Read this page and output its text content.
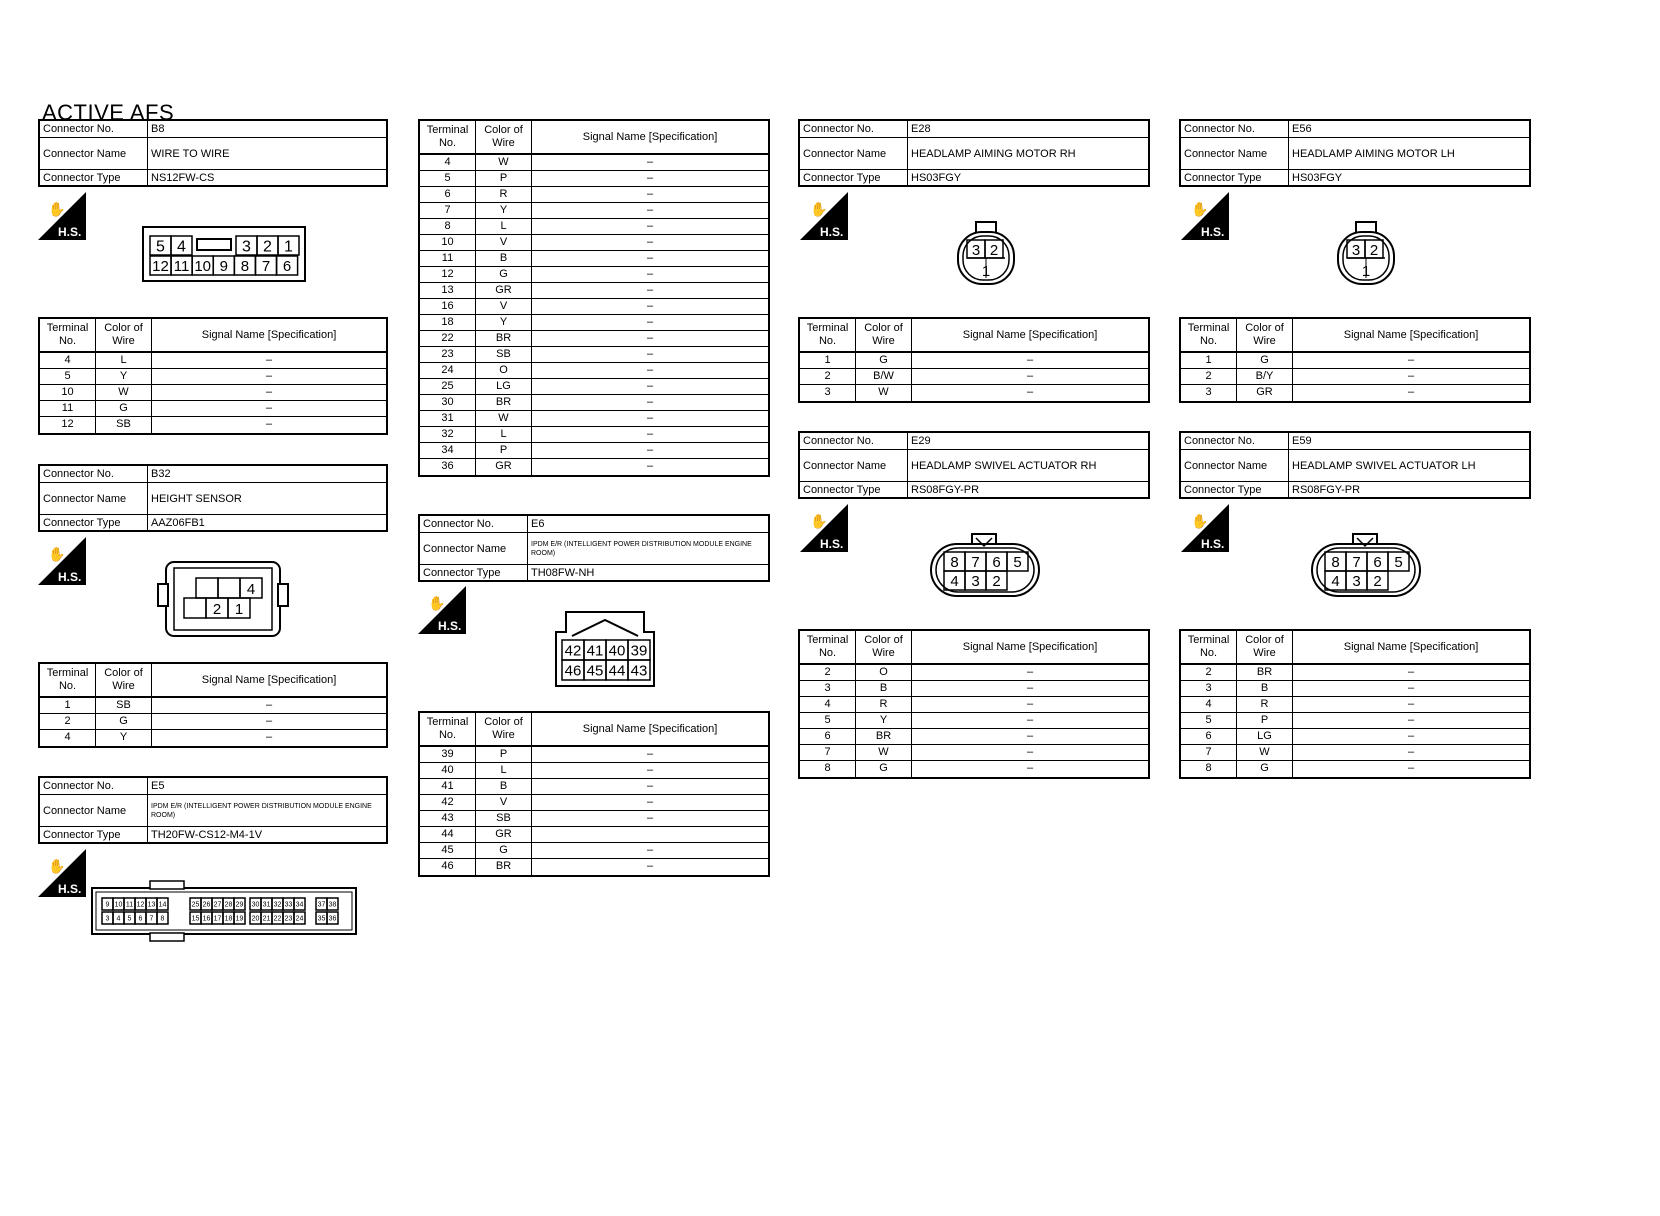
ACTIVE AFS
Connector No.	B8
Connector Name	WIRE TO WIRE
Connector Type	NS12FW-CS
✋
H.S.
5 4	3 2 1
12 11 10 9 8 7 6
Terminal No.
Color of Wire
Signal Name [Specification]
4	L	–
5	Y	–
10	W	–
11	G	–
12	SB	–
Connector No.	B32
Connector Name	HEIGHT SENSOR
Connector Type	AAZ06FB1
✋
H.S.
4
2 1
Terminal No.
Color of Wire
Signal Name [Specification]
1	SB	–
2	G	–
4	Y	–
Connector No.	E5
Connector Name	IPDM E/R (INTELLIGENT POWER DISTRIBUTION MODULE ENGINE ROOM)
Connector Type	TH20FW-CS12-M4-1V
✋
H.S.
9 10 11 12 13 14
3 4 5 6 7 8
25 26 27 28 29
15 16 17 18 19
30 31 32 33 34
20 21 22 23 24
37 38
35 36
Terminal No.
Color of Wire
Signal Name [Specification]
4	W	–
5	P	–
6	R	–
7	Y	–
8	L	–
10	V	–
11	B	–
12	G	–
13	GR	–
16	V	–
18	Y	–
22	BR	–
23	SB	–
24	O	–
25	LG	–
30	BR	–
31	W	–
32	L	–
34	P	–
36	GR	–
Connector No.	E6
Connector Name	IPDM E/R (INTELLIGENT POWER DISTRIBUTION MODULE ENGINE ROOM)
Connector Type	TH08FW-NH
✋
H.S.
42 41 40 39
46 45 44 43
Terminal No.
Color of Wire
Signal Name [Specification]
39	P	–
40	L	–
41	B	–
42	V	–
43	SB	–
44	GR
45	G	–
46	BR	–
Connector No.	E28
Connector Name	HEADLAMP AIMING MOTOR RH
Connector Type	HS03FGY
✋
H.S.
3 2
1
Terminal No.
Color of Wire
Signal Name [Specification]
1	G	–
2	B/W	–
3	W	–
Connector No.	E29
Connector Name	HEADLAMP SWIVEL ACTUATOR RH
Connector Type	RS08FGY-PR
✋
H.S.
8 7 6 5
4 3 2
Terminal No.
Color of Wire
Signal Name [Specification]
2	O	–
3	B	–
4	R	–
5	Y	–
6	BR	–
7	W	–
8	G	–
Connector No.	E56
Connector Name	HEADLAMP AIMING MOTOR LH
Connector Type	HS03FGY
✋
H.S.
3 2
1
Terminal No.
Color of Wire
Signal Name [Specification]
1	G	–
2	B/Y	–
3	GR	–
Connector No.	E59
Connector Name	HEADLAMP SWIVEL ACTUATOR LH
Connector Type	RS08FGY-PR
✋
H.S.
8 7 6 5
4 3 2
Terminal No.
Color of Wire
Signal Name [Specification]
2	BR	–
3	B	–
4	R	–
5	P	–
6	LG	–
7	W	–
8	G	–
